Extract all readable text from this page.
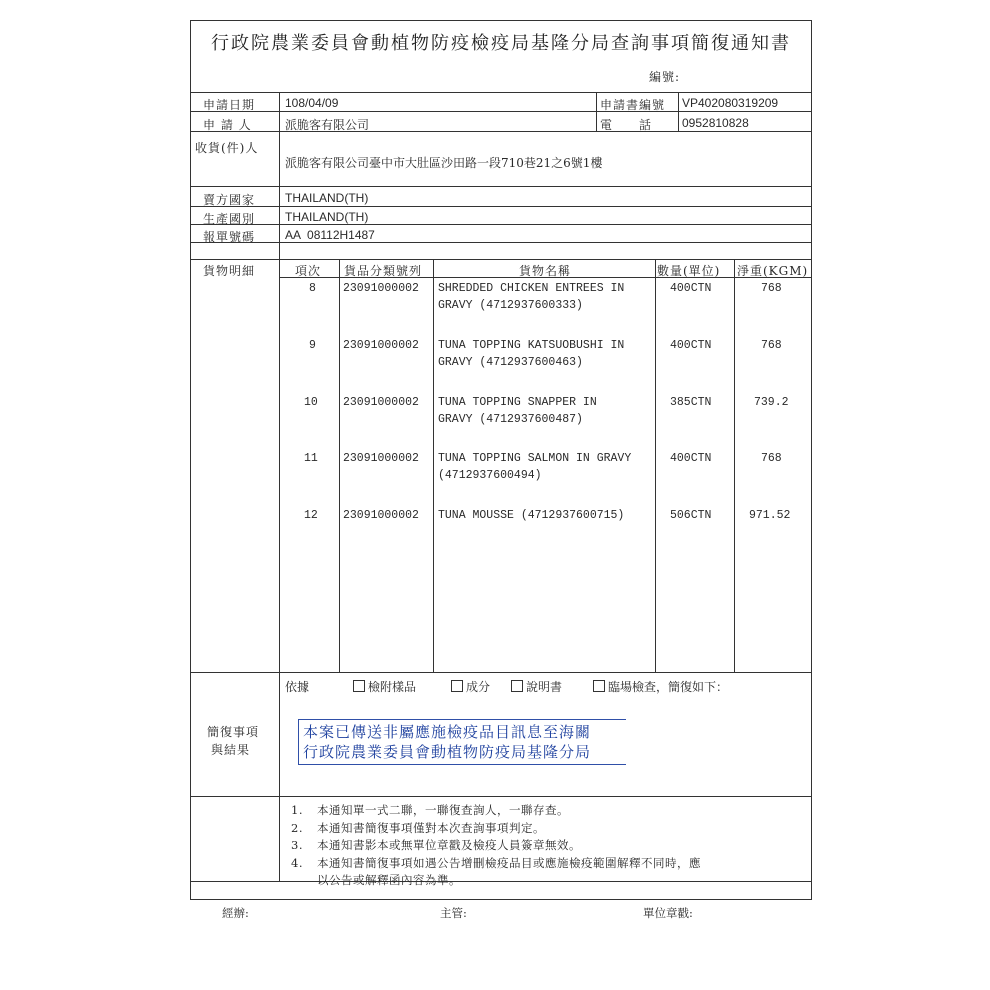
行政院農業委員會動植物防疫檢疫局基隆分局查詢事項簡復通知書
編號:
申請日期 108/04/09	申請書編號 VP402080319209
申 請 人	派脆客有限公司	電　　話 0952810828
收貨(件)人
派脆客有限公司臺中市大肚區沙田路一段710巷21之6號1樓
賣方國家 THAILAND(TH)
生產國別 THAILAND(TH)
報單號碼 AA  08112H1487
貨物明細	項次 貨品分類號列	貨物名稱	數量(單位) 淨重(KGM)
8 23091000002 SHREDDED CHICKEN ENTREES IN
GRAVY (4712937600333)
400CTN	768
9 23091000002 TUNA TOPPING KATSUOBUSHI IN
GRAVY (4712937600463)
400CTN	768
10 23091000002 TUNA TOPPING SNAPPER IN
GRAVY (4712937600487)
385CTN	739.2
11 23091000002 TUNA TOPPING SALMON IN GRAVY
(4712937600494)
400CTN	768
12 23091000002 TUNA MOUSSE (4712937600715)	506CTN	971.52
依據	檢附樣品	成分	說明書	臨場檢查，簡復如下：
簡復事項
與結果
本案已傳送非屬應施檢疫品目訊息至海關
行政院農業委員會動植物防疫局基隆分局
1. 本通知單一式二聯，一聯復查詢人，一聯存查。
2. 本通知書簡復事項僅對本次查詢事項判定。
3. 本通知書影本或無單位章戳及檢疫人員簽章無效。
4. 本通知書簡復事項如遇公告增刪檢疫品目或應施檢疫範圍解釋不同時，應
以公告或解釋函內容為準。
經辦:	主管:	單位章戳:
